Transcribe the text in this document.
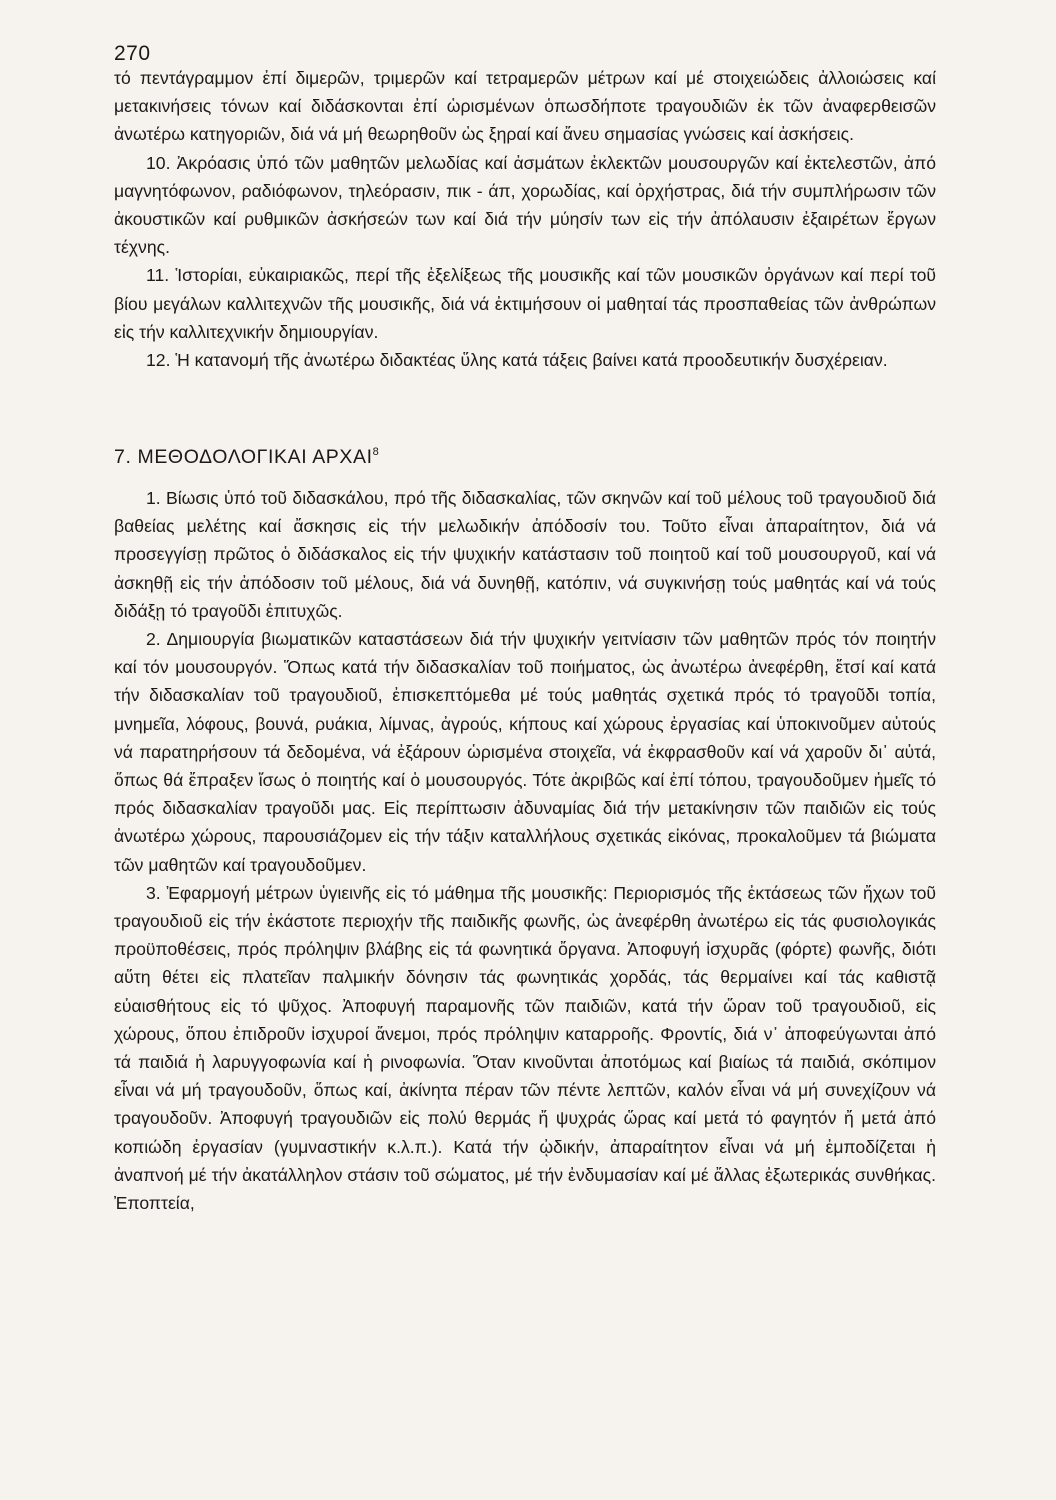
270

τό πεντάγραμμον ἐπί διμερῶν, τριμερῶν καί τετραμερῶν μέτρων καί μέ στοιχειώδεις ἀλλοιώσεις καί μετακινήσεις τόνων καί διδάσκονται ἐπί ὡρισμένων ὁπωσδήποτε τραγουδιῶν ἐκ τῶν ἀναφερθεισῶν ἀνωτέρω κατηγοριῶν, διά νά μή θεωρηθοῦν ὡς ξηραί καί ἄνευ σημασίας γνώσεις καί ἀσκήσεις.

10. Ἀκρόασις ὑπό τῶν μαθητῶν μελωδίας καί ἀσμάτων ἐκλεκτῶν μουσουργῶν καί ἐκτελεστῶν, ἀπό μαγνητόφωνον, ραδιόφωνον, τηλεόρασιν, πικ - άπ, χορωδίας, καί ὀρχήστρας, διά τήν συμπλήρωσιν τῶν ἀκουστικῶν καί ρυθμικῶν ἀσκήσεών των καί διά τήν μύησίν των εἰς τήν ἀπόλαυσιν ἐξαιρέτων ἔργων τέχνης.

11. Ἱστορίαι, εὐκαιριακῶς, περί τῆς ἐξελίξεως τῆς μουσικῆς καί τῶν μουσικῶν ὀργάνων καί περί τοῦ βίου μεγάλων καλλιτεχνῶν τῆς μουσικῆς, διά νά ἐκτιμήσουν οἱ μαθηταί τάς προσπαθείας τῶν ἀνθρώπων εἰς τήν καλλιτεχνικήν δημιουργίαν.

12. Ἡ κατανομή τῆς ἀνωτέρω διδακτέας ὕλης κατά τάξεις βαίνει κατά προοδευτικήν δυσχέρειαν.

7. ΜΕΘΟΔΟΛΟΓΙΚΑΙ ΑΡΧΑΙ$^8$

1. Βίωσις ὑπό τοῦ διδασκάλου, πρό τῆς διδασκαλίας, τῶν σκηνῶν καί τοῦ μέλους τοῦ τραγουδιοῦ διά βαθείας μελέτης καί ἄσκησις εἰς τήν μελωδικήν ἀπόδοσίν του. Τοῦτο εἶναι ἀπαραίτητον, διά νά προσεγγίσῃ πρῶτος ὁ διδάσκαλος εἰς τήν ψυχικήν κατάστασιν τοῦ ποιητοῦ καί τοῦ μουσουργοῦ, καί νά ἀσκηθῇ εἰς τήν ἀπόδοσιν τοῦ μέλους, διά νά δυνηθῇ, κατόπιν, νά συγκινήσῃ τούς μαθητάς καί νά τούς διδάξῃ τό τραγοῦδι ἐπιτυχῶς.

2. Δημιουργία βιωματικῶν καταστάσεων διά τήν ψυχικήν γειτνίασιν τῶν μαθητῶν πρός τόν ποιητήν καί τόν μουσουργόν. Ὅπως κατά τήν διδασκαλίαν τοῦ ποιήματος, ὡς ἀνωτέρω ἀνεφέρθη, ἔτσί καί κατά τήν διδασκαλίαν τοῦ τραγουδιοῦ, ἐπισκεπτόμεθα μέ τούς μαθητάς σχετικά πρός τό τραγοῦδι τοπία, μνημεῖα, λόφους, βουνά, ρυάκια, λίμνας, ἀγρούς, κήπους καί χώρους ἐργασίας καί ὑποκινοῦμεν αὐτούς νά παρατηρήσουν τά δεδομένα, νά ἐξάρουν ὡρισμένα στοιχεῖα, νά ἐκφρασθοῦν καί νά χαροῦν δι᾽ αὐτά, ὅπως θά ἔπραξεν ἴσως ὁ ποιητής καί ὁ μουσουργός. Τότε ἀκριβῶς καί ἐπί τόπου, τραγουδοῦμεν ἡμεῖς τό πρός διδασκαλίαν τραγοῦδι μας. Εἰς περίπτωσιν ἀδυναμίας διά τήν μετακίνησιν τῶν παιδιῶν εἰς τούς ἀνωτέρω χώρους, παρουσιάζομεν εἰς τήν τάξιν καταλλήλους σχετικάς εἰκόνας, προκαλοῦμεν τά βιώματα τῶν μαθητῶν καί τραγουδοῦμεν.

3. Ἐφαρμογή μέτρων ὑγιεινῆς εἰς τό μάθημα τῆς μουσικῆς: Περιορισμός τῆς ἐκτάσεως τῶν ἤχων τοῦ τραγουδιοῦ εἰς τήν ἑκάστοτε περιοχήν τῆς παιδικῆς φωνῆς, ὡς ἀνεφέρθη ἀνωτέρω εἰς τάς φυσιολογικάς προϋποθέσεις, πρός πρόληψιν βλάβης εἰς τά φωνητικά ὄργανα. Ἀποφυγή ἰσχυρᾶς (φόρτε) φωνῆς, διότι αὕτη θέτει εἰς πλατεῖαν παλμικήν δόνησιν τάς φωνητικάς χορδάς, τάς θερμαίνει καί τάς καθιστᾷ εὐαισθήτους εἰς τό ψῦχος. Ἀποφυγή παραμονῆς τῶν παιδιῶν, κατά τήν ὥραν τοῦ τραγουδιοῦ, εἰς χώρους, ὅπου ἐπιδροῦν ἰσχυροί ἄνεμοι, πρός πρόληψιν καταρροῆς. Φροντίς, διά ν᾽ ἀποφεύγωνται ἀπό τά παιδιά ἡ λαρυγγοφωνία καί ἡ ρινοφωνία. Ὅταν κινοῦνται ἀποτόμως καί βιαίως τά παιδιά, σκόπιμον εἶναι νά μή τραγουδοῦν, ὅπως καί, ἀκίνητα πέραν τῶν πέντε λεπτῶν, καλόν εἶναι νά μή συνεχίζουν νά τραγουδοῦν. Ἀποφυγή τραγουδιῶν εἰς πολύ θερμάς ἤ ψυχράς ὥρας καί μετά τό φαγητόν ἤ μετά ἀπό κοπιώδη ἐργασίαν (γυμναστικήν κ.λ.π.). Κατά τήν ᾠδικήν, ἀπαραίτητον εἶναι νά μή ἐμποδίζεται ἡ ἀναπνοή μέ τήν ἀκατάλληλον στάσιν τοῦ σώματος, μέ τήν ἐνδυμασίαν καί μέ ἄλλας ἐξωτερικάς συνθήκας. Ἐποπτεία,
